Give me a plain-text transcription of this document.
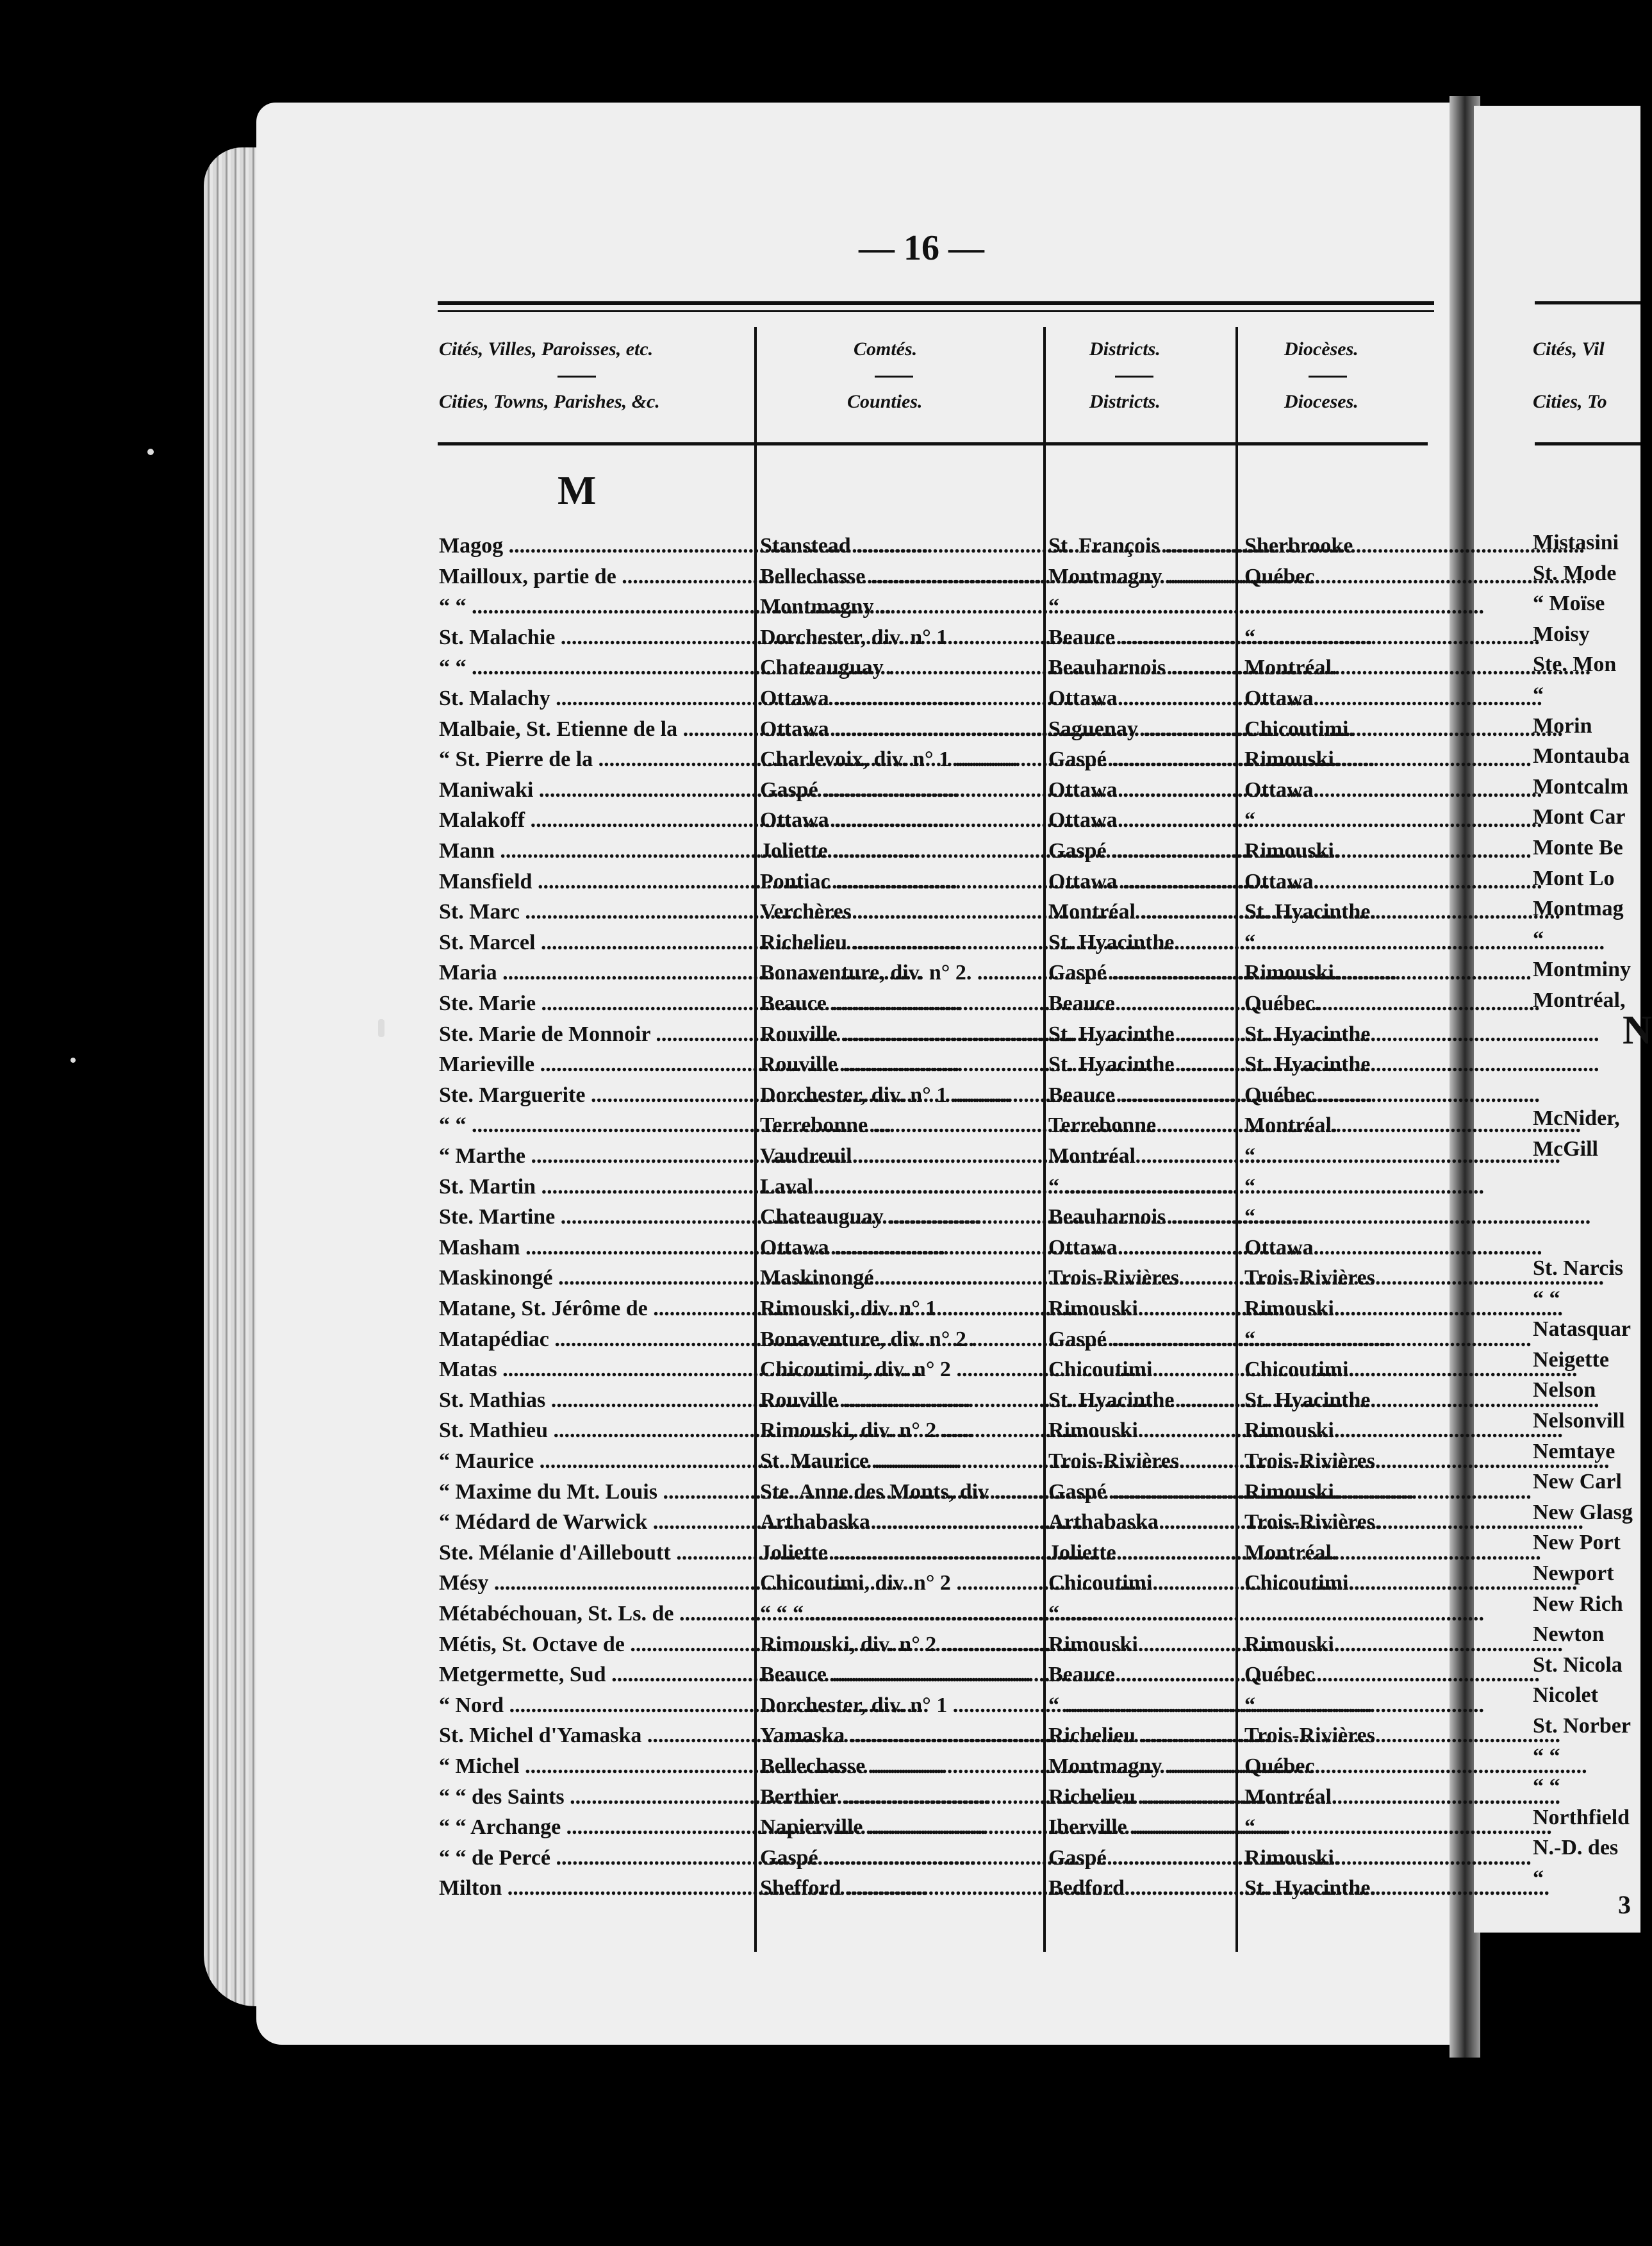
— 16 —
Cités, Villes, Paroisses, etc.
Cities, Towns, Parishes, &c.
Comtés.
Counties.
Districts.
Districts.
Diocèses.
Dioceses.
M
Magog .....	Stanstead .....	St. François .....	Sherbrooke
Mailloux, partie de .....	Bellechasse .....	Montmagny .....	Québec.
“ “ .....	Montmagny .....	“ .....
St. Malachie .....	Dorchester, div. n° 1 .....	Beauce .....	“
“ “ .....	Chateauguay .....	Beauharnois .....	Montréal.
St. Malachy .....	Ottawa .....	Ottawa .....	Ottawa.
Malbaie, St. Etienne de la .....	Ottawa .....	Saguenay .....	Chicoutimi.
“ St. Pierre de la .....	Charlevoix, div. n° 1 .....	Gaspé .....	Rimouski.
Maniwaki .....	Gaspé .....	Ottawa .....	Ottawa.
Malakoff .....	Ottawa .....	Ottawa .....	“
Mann .....	Joliette .....	Gaspé .....	Rimouski.
Mansfield .....	Pontiac .....	Ottawa .....	Ottawa.
St. Marc .....	Verchères .....	Montréal .....	St. Hyacinthe.
St. Marcel .....	Richelieu .....	St. Hyacinthe. .....	“
Maria .....	Bonaventure, div. n° 2. .....	Gaspé .....	Rimouski.
Ste. Marie .....	Beauce .....	Beauce .....	Québec.
Ste. Marie de Monnoir .....	Rouville .....	St. Hyacinthe .....	St. Hyacinthe.
Marieville .....	Rouville .....	St. Hyacinthe .....	St. Hyacinthe.
Ste. Marguerite .....	Dorchester, div. n° 1 .....	Beauce .....	Québec
“ “ .....	Terrebonne .....	Terrebonne .....	Montréal.
“ Marthe .....	Vaudreuil .....	Montréal .....	“
St. Martin .....	Laval .....	“ .....	“
Ste. Martine .....	Chateauguay .....	Beauharnois .....	“
Masham .....	Ottawa .....	Ottawa .....	Ottawa.
Maskinongé .....	Maskinongé .....	Trois-Rivières .....	Trois-Rivières
Matane, St. Jérôme de .....	Rimouski, div. n° 1 .....	Rimouski .....	Rimouski.
Matapédiac .....	Bonaventure, div. n° 2 .....	Gaspé .....	“
Matas .....	Chicoutimi, div. n° 2 .....	Chicoutimi .....	Chicoutimi.
St. Mathias .....	Rouville .....	St. Hyacinthe .....	St. Hyacinthe.
St. Mathieu .....	Rimouski, div. n° 2 .....	Rimouski .....	Rimouski.
“ Maurice .....	St. Maurice .....	Trois-Rivières. .....	Trois-Rivières.
“ Maxime du Mt. Louis .....	Ste. Anne des Monts, div .....	Gaspé .....	Rimouski.
“ Médard de Warwick .....	Arthabaska .....	Arthabaska .....	Trois-Rivières.
Ste. Mélanie d'Ailleboutt .....	Joliette .....	Joliette .....	Montréal.
Mésy .....	Chicoutimi, div. n° 2 .....	Chicoutimi .....	Chicoutimi.
Métabéchouan, St. Ls. de .....	“ “ “ .....	“ .....
Métis, St. Octave de .....	Rimouski, div. n° 2 .....	Rimouski .....	Rimouski.
Metgermette, Sud .....	Beauce .....	Beauce .....	Québec
“ Nord .....	Dorchester, div. n° 1 .....	“ .....	“
St. Michel d'Yamaska .....	Yamaska .....	Richelieu .....	Trois-Rivières
“ Michel .....	Bellechasse .....	Montmagny .....	Québec.
“ “ des Saints .....	Berthier .....	Richelieu .....	Montréal.
“ “ Archange .....	Napierville .....	Iberville .....	“
“ “ de Percé .....	Gaspé .....	Gaspé .....	Rimouski.
Milton .....	Shefford .....	Bedford .....	St. Hyacinthe.
Cités, Vil
Cities, To
Mistasini
St. Mode
“ Moïse
Moisy
Ste. Mon
“
Morin
Montauba
Montcalm
Mont Car
Monte Be
Mont Lo
Montmag
“
Montminy
Montréal,
McNider,
McGill
St. Narcis
“ “
Natasquar
Neigette
Nelson
Nelsonvill
Nemtaye
New Carl
New Glasg
New Port
Newport
New Rich
Newton
St. Nicola
Nicolet
St. Norber
“ “
“ “
Northfield
N.-D. des
“
N
3
